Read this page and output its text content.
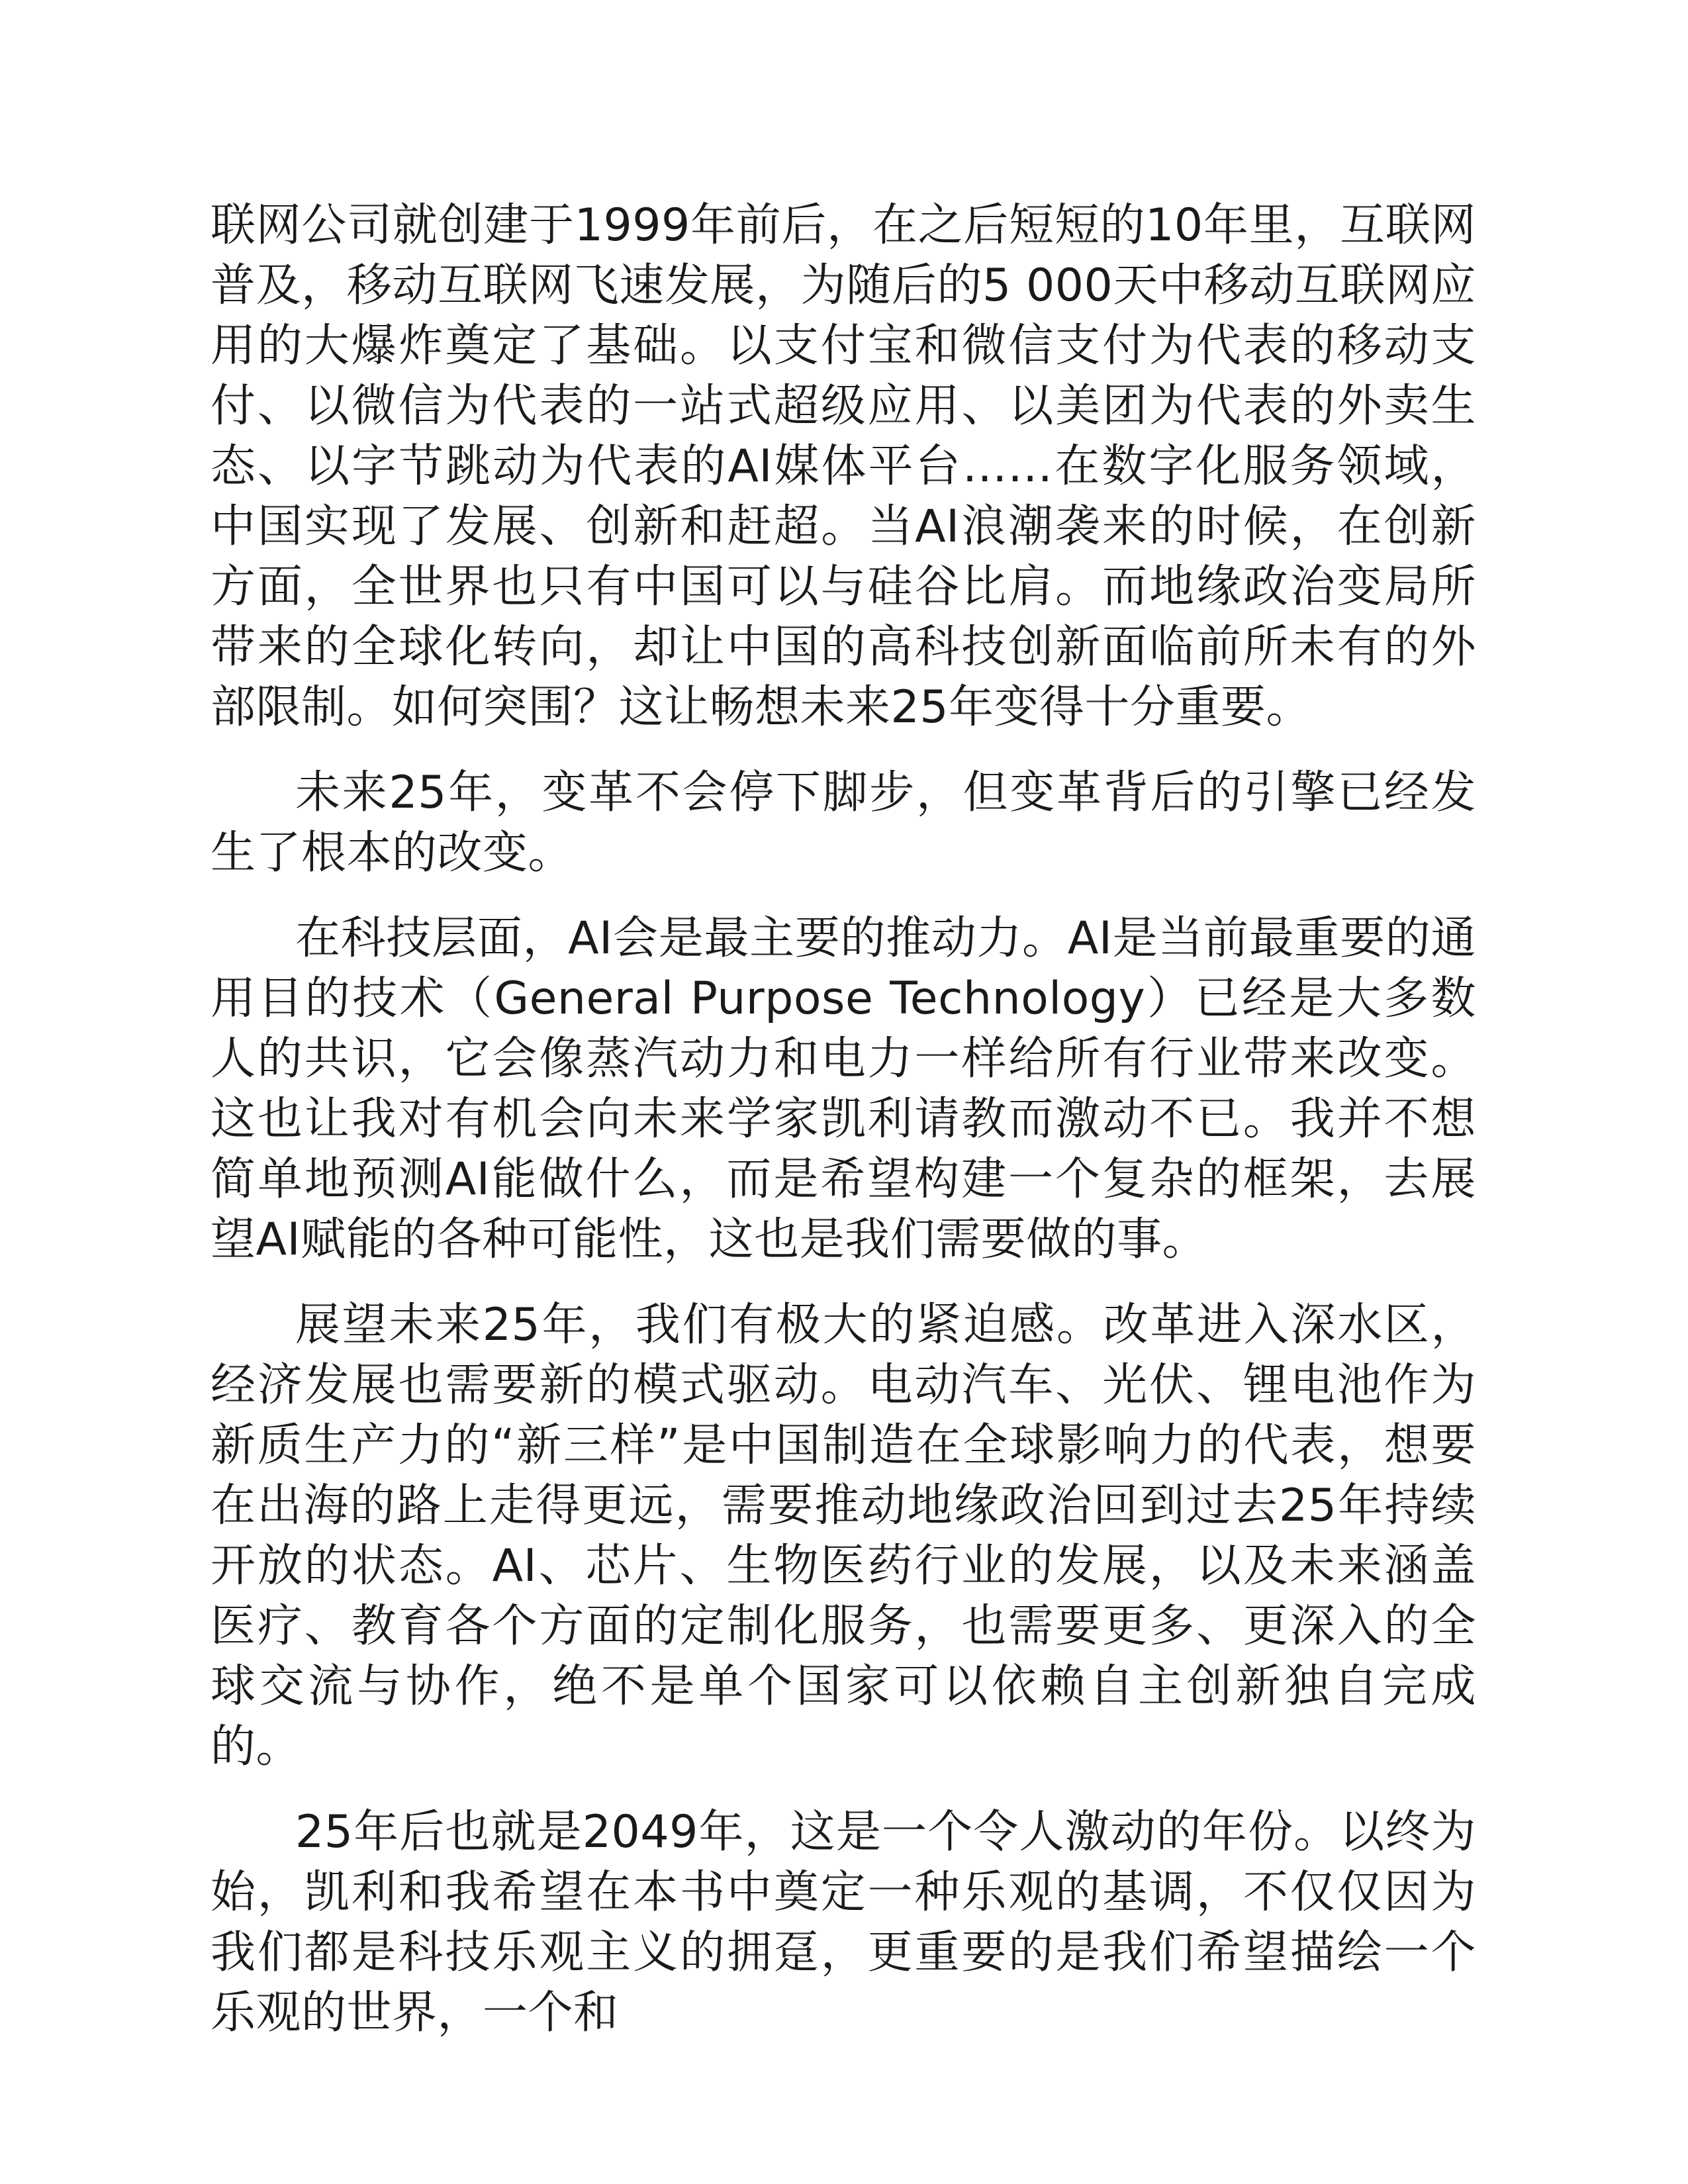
联网公司就创建于1999年前后，在之后短短的10年里，互联网普及，移动互联网飞速发展，为随后的5 000天中移动互联网应用的大爆炸奠定了基础。以支付宝和微信支付为代表的移动支付、以微信为代表的一站式超级应用、以美团为代表的外卖生态、以字节跳动为代表的AI媒体平台……在数字化服务领域，中国实现了发展、创新和赶超。当AI浪潮袭来的时候，在创新方面，全世界也只有中国可以与硅谷比肩。而地缘政治变局所带来的全球化转向，却让中国的高科技创新面临前所未有的外部限制。如何突围？这让畅想未来25年变得十分重要。

未来25年，变革不会停下脚步，但变革背后的引擎已经发生了根本的改变。

在科技层面，AI会是最主要的推动力。AI是当前最重要的通用目的技术（General Purpose Technology）已经是大多数人的共识，它会像蒸汽动力和电力一样给所有行业带来改变。这也让我对有机会向未来学家凯利请教而激动不已。我并不想简单地预测AI能做什么，而是希望构建一个复杂的框架，去展望AI赋能的各种可能性，这也是我们需要做的事。

展望未来25年，我们有极大的紧迫感。改革进入深水区，经济发展也需要新的模式驱动。电动汽车、光伏、锂电池作为新质生产力的“新三样”是中国制造在全球影响力的代表，想要在出海的路上走得更远，需要推动地缘政治回到过去25年持续开放的状态。AI、芯片、生物医药行业的发展，以及未来涵盖医疗、教育各个方面的定制化服务，也需要更多、更深入的全球交流与协作，绝不是单个国家可以依赖自主创新独自完成的。

25年后也就是2049年，这是一个令人激动的年份。以终为始，凯利和我希望在本书中奠定一种乐观的基调，不仅仅因为我们都是科技乐观主义的拥趸，更重要的是我们希望描绘一个乐观的世界，一个和
